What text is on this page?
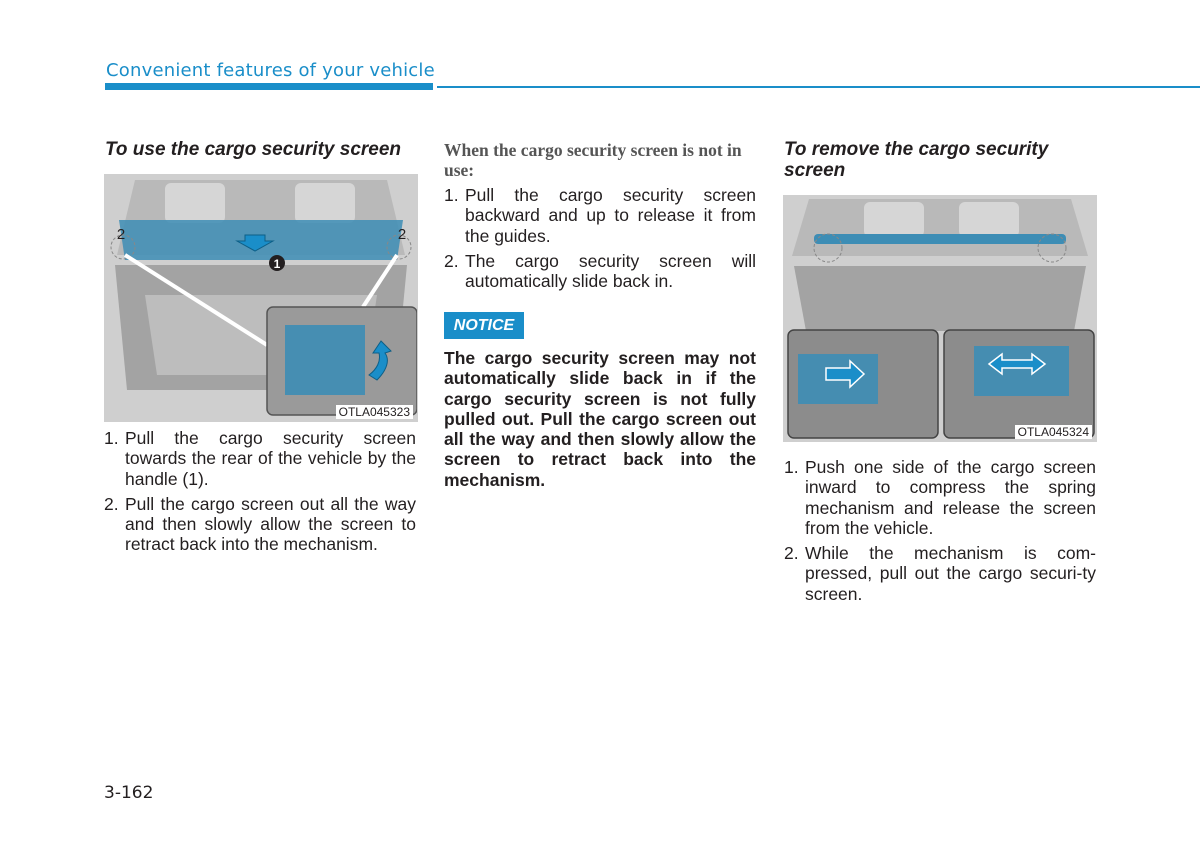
Convenient features of your vehicle

To use the cargo security screen

1
2	2
OTLA045323
1. Pull the cargo security screen towards the rear of the vehicle by the handle (1).
2. Pull the cargo screen out all the way and then slowly allow the screen to retract back into the mechanism.

When the cargo security screen is not in use:

1. Pull the cargo security screen backward and up to release it from the guides.
2. The cargo security screen will automatically slide back in.
NOTICE
The cargo security screen may not automatically slide back in if the cargo security screen is not fully pulled out. Pull the cargo screen out all the way and then slowly allow the screen to retract back into the mechanism.

To remove the cargo security screen

OTLA045324
1. Push one side of the cargo screen inward to compress the spring mechanism and release the screen from the vehicle.
2. While the mechanism is com-pressed, pull out the cargo securi-ty screen.
3-162
